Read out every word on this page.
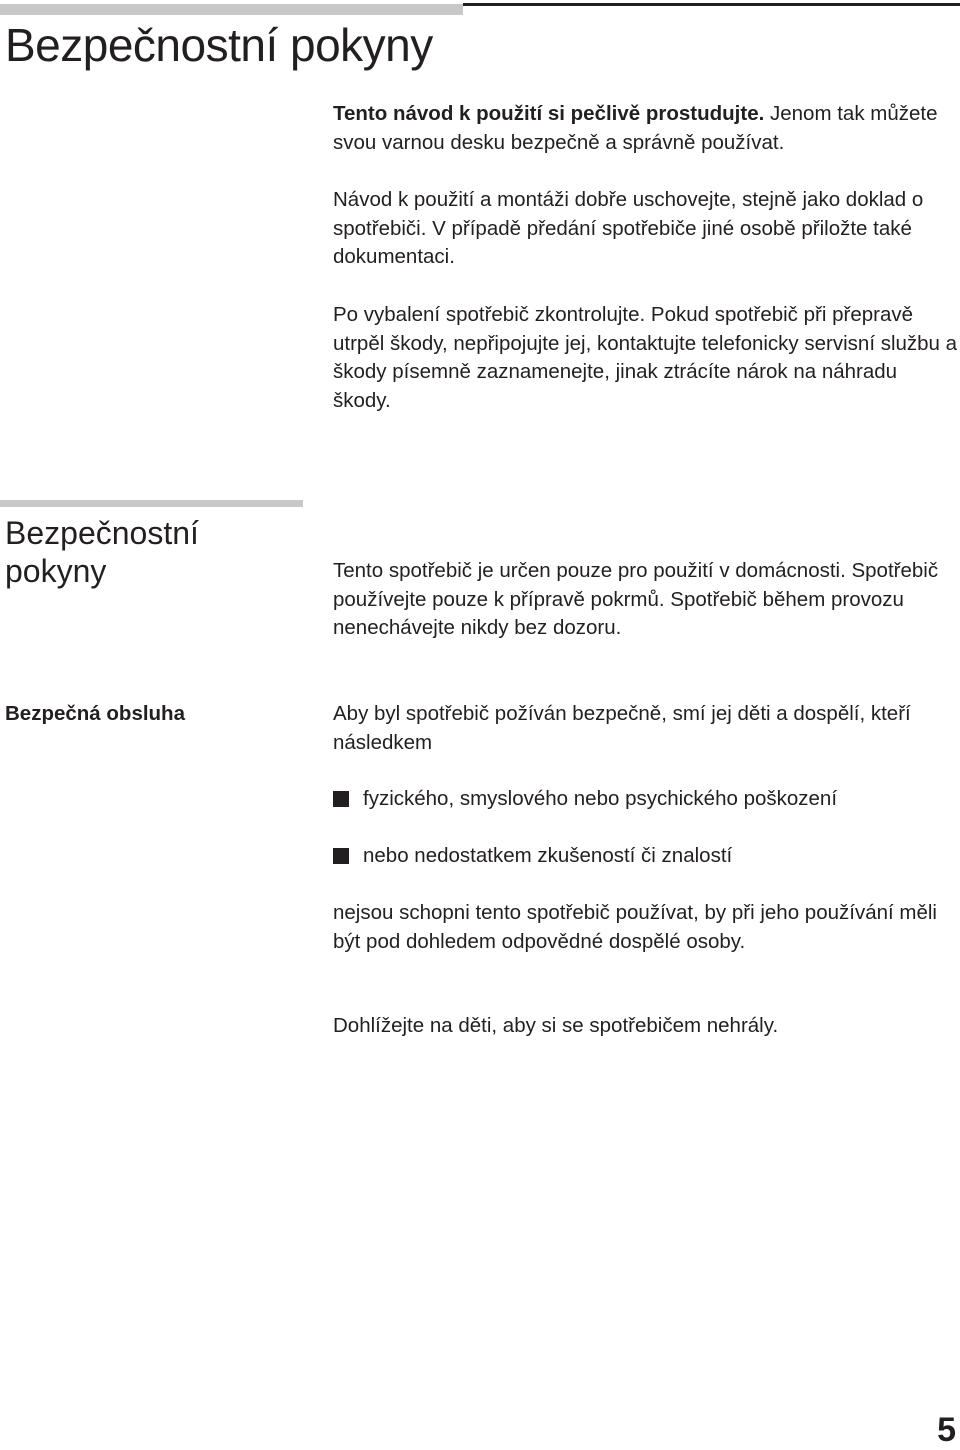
Bezpečnostní pokyny

Tento návod k použití si pečlivě prostudujte. Jenom tak můžete svou varnou desku bezpečně a správně používat.

Návod k použití a montáži dobře uschovejte, stejně jako doklad o spotřebiči. V případě předání spotřebiče jiné osobě přiložte také dokumentaci.

Po vybalení spotřebič zkontrolujte. Pokud spotřebič při přepravě utrpěl škody, nepřipojujte jej, kontaktujte telefonicky servisní službu a škody písemně zaznamenejte, jinak ztrácíte nárok na náhradu škody.

Bezpečnostní pokyny	Tento spotřebič je určen pouze pro použití v domácnosti. Spotřebič používejte pouze k přípravě pokrmů. Spotřebič během provozu nenechávejte nikdy bez dozoru.

Bezpečná obsluha	Aby byl spotřebič požíván bezpečně, smí jej děti a dospělí, kteří následkem

fyzického, smyslového nebo psychického poškození
nebo nedostatkem zkušeností či znalostí

nejsou schopni tento spotřebič používat, by při jeho používání měli být pod dohledem odpovědné dospělé osoby.

Dohlížejte na děti, aby si se spotřebičem nehrály.

5
